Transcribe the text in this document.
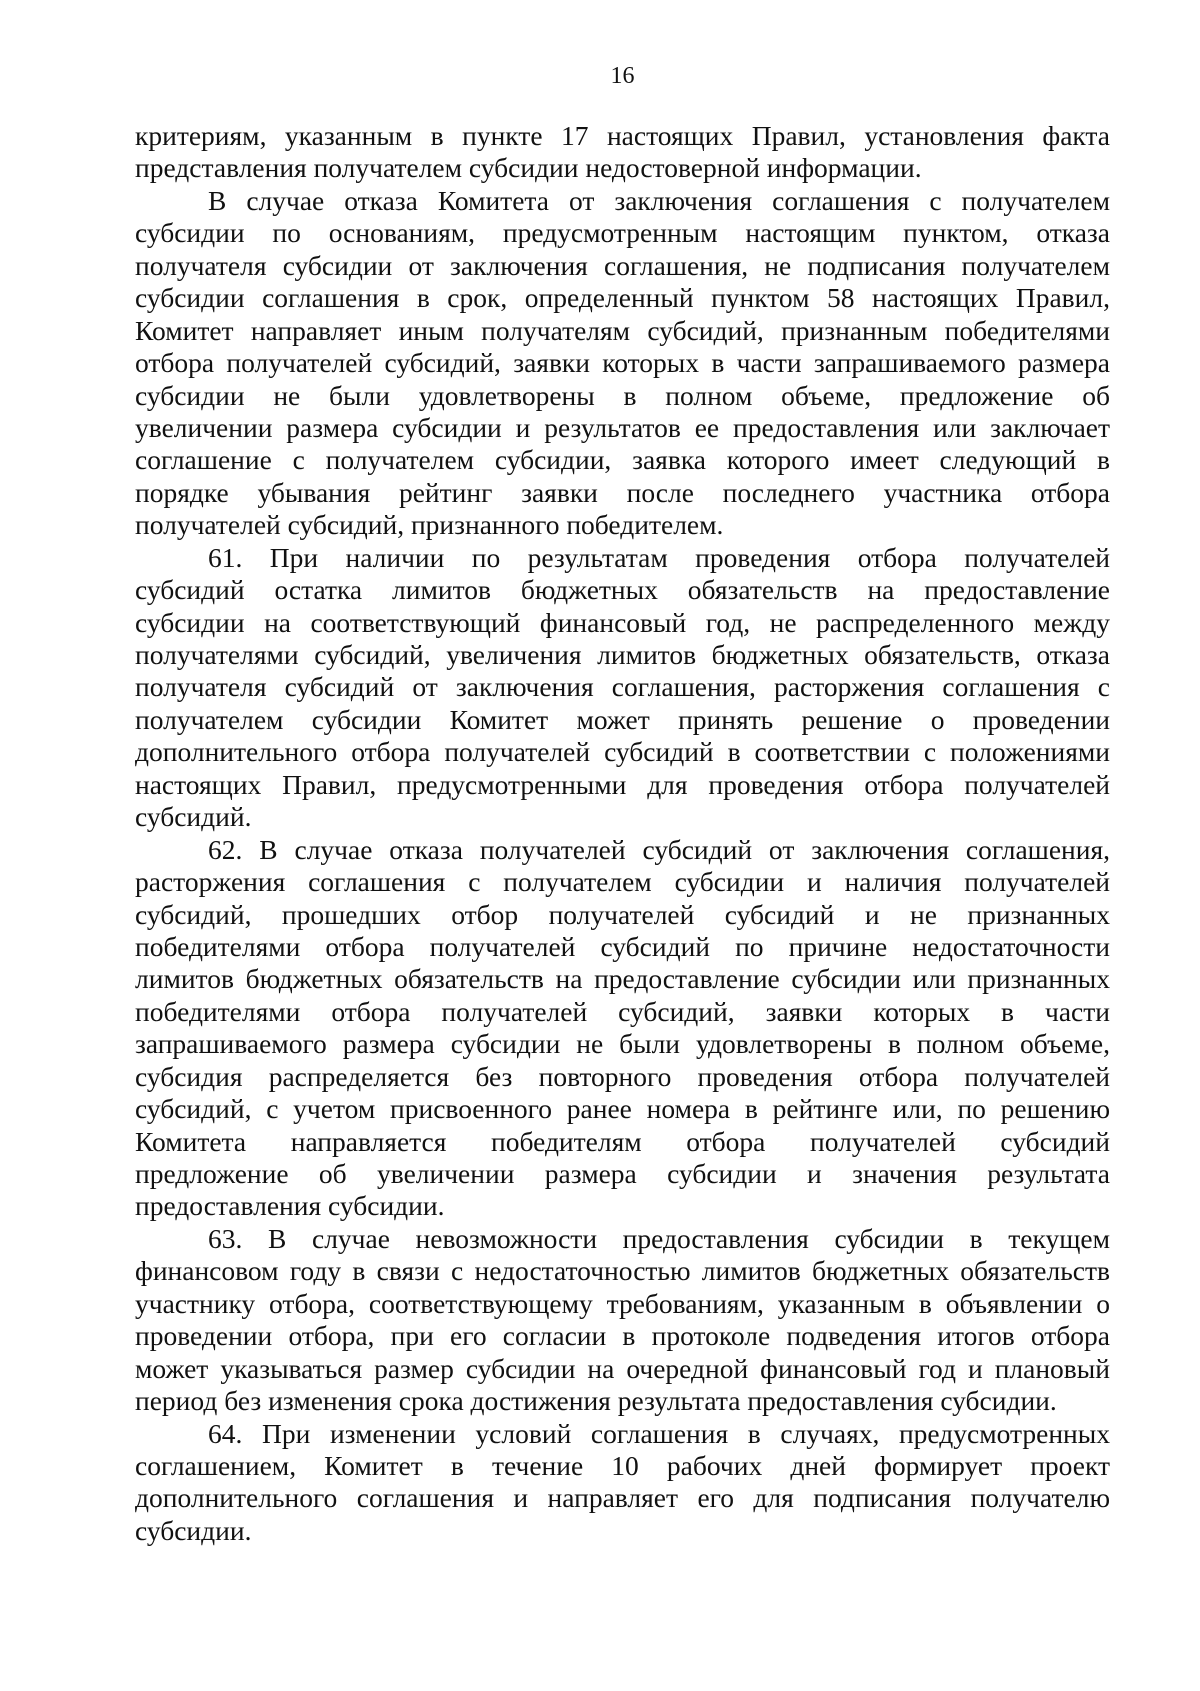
16
критериям, указанным в пункте 17 настоящих Правил, установления факта
представления получателем субсидии недостоверной информации.
В случае отказа Комитета от заключения соглашения с получателем
субсидии по основаниям, предусмотренным настоящим пунктом, отказа
получателя субсидии от заключения соглашения, не подписания получателем
субсидии соглашения в срок, определенный пунктом 58 настоящих Правил,
Комитет направляет иным получателям субсидий, признанным победителями
отбора получателей субсидий, заявки которых в части запрашиваемого размера
субсидии не были удовлетворены в полном объеме, предложение об
увеличении размера субсидии и результатов ее предоставления или заключает
соглашение с получателем субсидии, заявка которого имеет следующий в
порядке убывания рейтинг заявки после последнего участника отбора
получателей субсидий, признанного победителем.
61. При наличии по результатам проведения отбора получателей
субсидий остатка лимитов бюджетных обязательств на предоставление
субсидии на соответствующий финансовый год, не распределенного между
получателями субсидий, увеличения лимитов бюджетных обязательств, отказа
получателя субсидий от заключения соглашения, расторжения соглашения с
получателем субсидии Комитет может принять решение о проведении
дополнительного отбора получателей субсидий в соответствии с положениями
настоящих Правил, предусмотренными для проведения отбора получателей
субсидий.
62. В случае отказа получателей субсидий от заключения соглашения,
расторжения соглашения с получателем субсидии и наличия получателей
субсидий, прошедших отбор получателей субсидий и не признанных
победителями отбора получателей субсидий по причине недостаточности
лимитов бюджетных обязательств на предоставление субсидии или признанных
победителями отбора получателей субсидий, заявки которых в части
запрашиваемого размера субсидии не были удовлетворены в полном объеме,
субсидия распределяется без повторного проведения отбора получателей
субсидий, с учетом присвоенного ранее номера в рейтинге или, по решению
Комитета направляется победителям отбора получателей субсидий
предложение об увеличении размера субсидии и значения результата
предоставления субсидии.
63. В случае невозможности предоставления субсидии в текущем
финансовом году в связи с недостаточностью лимитов бюджетных обязательств
участнику отбора, соответствующему требованиям, указанным в объявлении о
проведении отбора, при его согласии в протоколе подведения итогов отбора
может указываться размер субсидии на очередной финансовый год и плановый
период без изменения срока достижения результата предоставления субсидии.
64. При изменении условий соглашения в случаях, предусмотренных
соглашением, Комитет в течение 10 рабочих дней формирует проект
дополнительного соглашения и направляет его для подписания получателю
субсидии.
